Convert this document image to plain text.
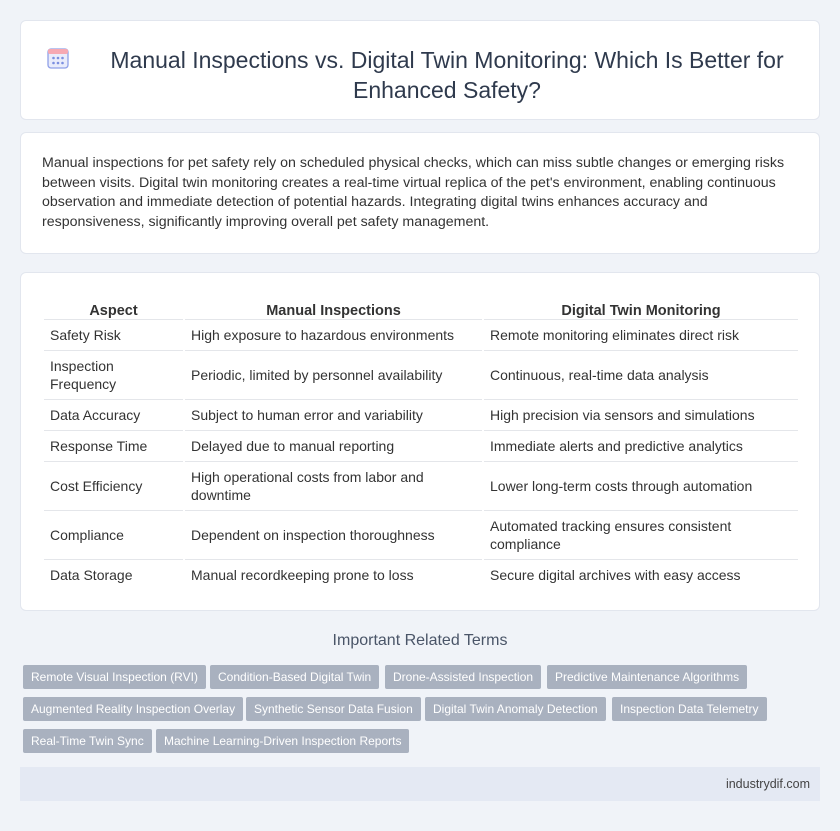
Manual Inspections vs. Digital Twin Monitoring: Which Is Better for Enhanced Safety?

Manual inspections for pet safety rely on scheduled physical checks, which can miss subtle changes or emerging risks between visits. Digital twin monitoring creates a real-time virtual replica of the pet's environment, enabling continuous observation and immediate detection of potential hazards. Integrating digital twins enhances accuracy and responsiveness, significantly improving overall pet safety management.

Aspect	Manual Inspections	Digital Twin Monitoring
Safety Risk	High exposure to hazardous environments	Remote monitoring eliminates direct risk
Inspection Frequency	Periodic, limited by personnel availability	Continuous, real-time data analysis
Data Accuracy	Subject to human error and variability	High precision via sensors and simulations
Response Time	Delayed due to manual reporting	Immediate alerts and predictive analytics
Cost Efficiency	High operational costs from labor and downtime	Lower long-term costs through automation
Compliance	Dependent on inspection thoroughness	Automated tracking ensures consistent compliance
Data Storage	Manual recordkeeping prone to loss	Secure digital archives with easy access
Important Related Terms
Remote Visual Inspection (RVI)	Condition-Based Digital Twin	Drone-Assisted Inspection	Predictive Maintenance Algorithms
Augmented Reality Inspection Overlay	Synthetic Sensor Data Fusion	Digital Twin Anomaly Detection	Inspection Data Telemetry
Real-Time Twin Sync	Machine Learning-Driven Inspection Reports
industrydif.com
